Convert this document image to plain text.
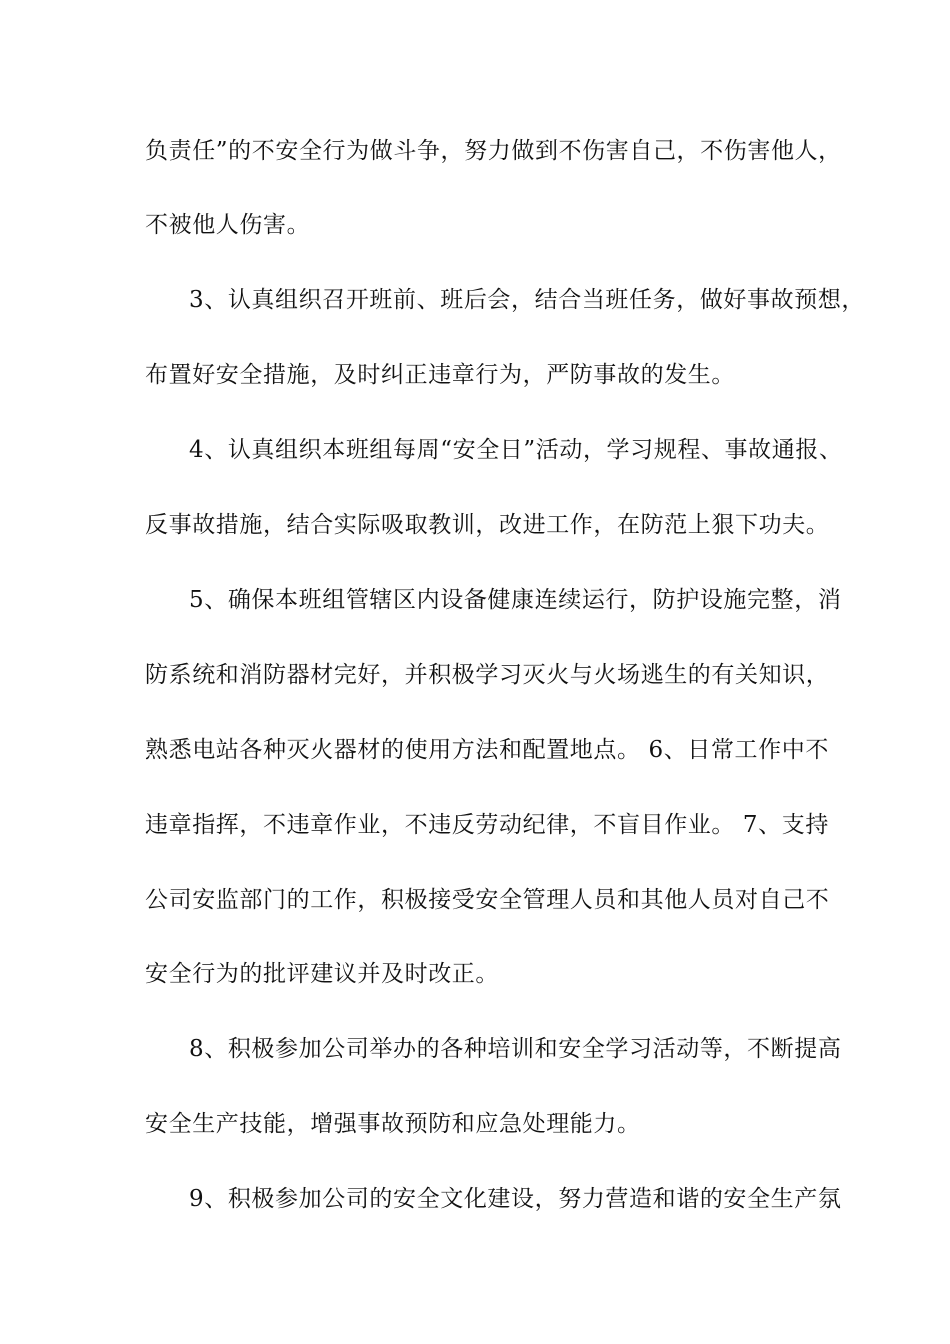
负责任”的不安全行为做斗争，努力做到不伤害自己，不伤害他人，
不被他人伤害。
3、认真组织召开班前、班后会，结合当班任务，做好事故预想，
布置好安全措施，及时纠正违章行为，严防事故的发生。
4、认真组织本班组每周“安全日”活动，学习规程、事故通报、
反事故措施，结合实际吸取教训，改进工作，在防范上狠下功夫。
5、确保本班组管辖区内设备健康连续运行，防护设施完整，消
防系统和消防器材完好，并积极学习灭火与火场逃生的有关知识，
熟悉电站各种灭火器材的使用方法和配置地点。 6、日常工作中不
违章指挥，不违章作业，不违反劳动纪律，不盲目作业。 7、支持
公司安监部门的工作，积极接受安全管理人员和其他人员对自己不
安全行为的批评建议并及时改正。
8、积极参加公司举办的各种培训和安全学习活动等，不断提高
安全生产技能，增强事故预防和应急处理能力。
9、积极参加公司的安全文化建设，努力营造和谐的安全生产氛
